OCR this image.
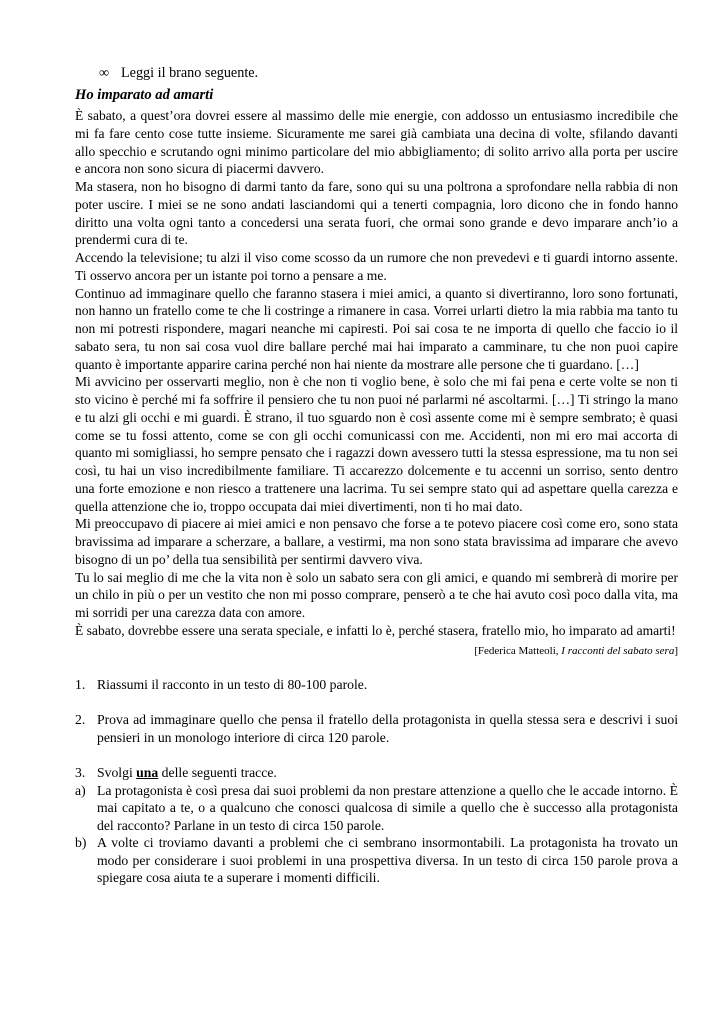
∞ Leggi il brano seguente.
Ho imparato ad amarti

È sabato, a quest’ora dovrei essere al massimo delle mie energie, con addosso un entusiasmo incredibile che mi fa fare cento cose tutte insieme. Sicuramente me sarei già cambiata una decina di volte, sfilando davanti allo specchio e scrutando ogni minimo particolare del mio abbigliamento; di solito arrivo alla porta per uscire e ancora non sono sicura di piacermi davvero.

Ma stasera, non ho bisogno di darmi tanto da fare, sono qui su una poltrona a sprofondare nella rabbia di non poter uscire. I miei se ne sono andati lasciandomi qui a tenerti compagnia, loro dicono che in fondo hanno diritto una volta ogni tanto a concedersi una serata fuori, che ormai sono grande e devo imparare anch’io a prendermi cura di te.

Accendo la televisione; tu alzi il viso come scosso da un rumore che non prevedevi e ti guardi intorno assente. Ti osservo ancora per un istante poi torno a pensare a me.

Continuo ad immaginare quello che faranno stasera i miei amici, a quanto si divertiranno, loro sono fortunati, non hanno un fratello come te che li costringe a rimanere in casa. Vorrei urlarti dietro la mia rabbia ma tanto tu non mi potresti rispondere, magari neanche mi capiresti. Poi sai cosa te ne importa di quello che faccio io il sabato sera, tu non sai cosa vuol dire ballare perché mai hai imparato a camminare, tu che non puoi capire quanto è importante apparire carina perché non hai niente da mostrare alle persone che ti guardano. […]

Mi avvicino per osservarti meglio, non è che non ti voglio bene, è solo che mi fai pena e certe volte se non ti sto vicino è perché mi fa soffrire il pensiero che tu non puoi né parlarmi né ascoltarmi. […] Ti stringo la mano e tu alzi gli occhi e mi guardi. È strano, il tuo sguardo non è così assente come mi è sempre sembrato; è quasi come se tu fossi attento, come se con gli occhi comunicassi con me. Accidenti, non mi ero mai accorta di quanto mi somigliassi, ho sempre pensato che i ragazzi down avessero tutti la stessa espressione, ma tu non sei così, tu hai un viso incredibilmente familiare. Ti accarezzo dolcemente e tu accenni un sorriso, sento dentro una forte emozione e non riesco a trattenere una lacrima. Tu sei sempre stato qui ad aspettare quella carezza e quella attenzione che io, troppo occupata dai miei divertimenti, non ti ho mai dato.

Mi preoccupavo di piacere ai miei amici e non pensavo che forse a te potevo piacere così come ero, sono stata bravissima ad imparare a scherzare, a ballare, a vestirmi, ma non sono stata bravissima ad imparare che avevo bisogno di un po’ della tua sensibilità per sentirmi davvero viva.

Tu lo sai meglio di me che la vita non è solo un sabato sera con gli amici, e quando mi sembrerà di morire per un chilo in più o per un vestito che non mi posso comprare, penserò a te che hai avuto così poco dalla vita, ma mi sorridi per una carezza data con amore.

È sabato, dovrebbe essere una serata speciale, e infatti lo è, perché stasera, fratello mio, ho imparato ad amarti!

[Federica Matteoli, I racconti del sabato sera]
1. Riassumi il racconto in un testo di 80-100 parole.
2. Prova ad immaginare quello che pensa il fratello della protagonista in quella stessa sera e descrivi i suoi pensieri in un monologo interiore di circa 120 parole.
3. Svolgi una delle seguenti tracce.
a) La protagonista è così presa dai suoi problemi da non prestare attenzione a quello che le accade intorno. È mai capitato a te, o a qualcuno che conosci qualcosa di simile a quello che è successo alla protagonista del racconto? Parlane in un testo di circa 150 parole.
b) A volte ci troviamo davanti a problemi che ci sembrano insormontabili. La protagonista ha trovato un modo per considerare i suoi problemi in una prospettiva diversa. In un testo di circa 150 parole prova a spiegare cosa aiuta te a superare i momenti difficili.
